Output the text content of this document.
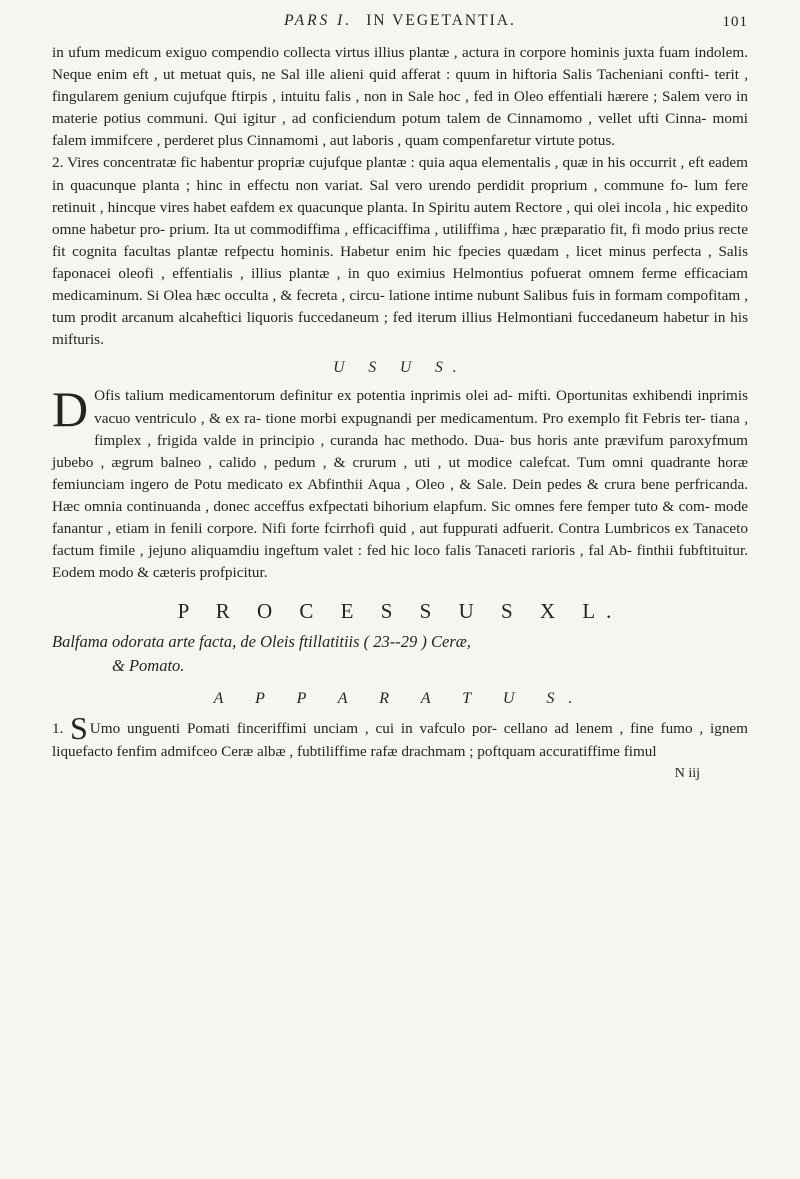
PARS I. IN VEGETANTIA.	101

in ufum medicum exiguo compendio collecta virtus illius plantæ , actura in corpore hominis juxta fuam indolem. Neque enim eft , ut metuat quis, ne Sal ille alieni quid afferat : quum in hiftoria Salis Tacheniani confti- terit , fingularem genium cujufque ftirpis , intuitu falis , non in Sale hoc , fed in Oleo effentiali hærere ; Salem vero in materie potius communi. Qui igitur , ad conficiendum potum talem de Cinnamomo , vellet ufti Cinna- momi falem immifcere , perderet plus Cinnamomi , aut laboris , quam compenfaretur virtute potus.

2. Vires concentratæ fic habentur propriæ cujufque plantæ : quia aqua elementalis , quæ in his occurrit , eft eadem in quacunque planta ; hinc in effectu non variat. Sal vero urendo perdidit proprium , commune fo- lum fere retinuit , hincque vires habet eafdem ex quacunque planta. In Spiritu autem Rectore , qui olei incola , hic expedito omne habetur pro- prium. Ita ut commodiffima , efficaciffima , utiliffima , hæc præparatio fit, fi modo prius recte fit cognita facultas plantæ refpectu hominis. Habetur enim hic fpecies quædam , licet minus perfecta , Salis faponacei oleofi , effentialis , illius plantæ , in quo eximius Helmontius pofuerat omnem ferme efficaciam medicaminum. Si Olea hæc occulta , & fecreta , circu- latione intime nubunt Salibus fuis in formam compofitam , tum prodit arcanum alcaheftici liquoris fuccedaneum ; fed iterum illius Helmontiani fuccedaneum habetur in his mifturis.

U S U S.

D Ofis talium medicamentorum definitur ex potentia inprimis olei ad- mifti. Oportunitas exhibendi inprimis vacuo ventriculo , & ex ra- tione morbi expugnandi per medicamentum. Pro exemplo fit Febris ter- tiana , fimplex , frigida valde in principio , curanda hac methodo. Dua- bus horis ante prævifum paroxyfmum jubebo , ægrum balneo , calido , pedum , & crurum , uti , ut modice calefcat. Tum omni quadrante horæ femiunciam ingero de Potu medicato ex Abfinthii Aqua , Oleo , & Sale. Dein pedes & crura bene perfricanda. Hæc omnia continuanda , donec acceffus exfpectati bihorium elapfum. Sic omnes fere femper tuto & com- mode fanantur , etiam in fenili corpore. Nifi forte fcirrhofi quid , aut fuppurati adfuerit. Contra Lumbricos ex Tanaceto factum fimile , jejuno aliquamdiu ingeftum valet : fed hic loco falis Tanaceti rarioris , fal Ab- finthii fubftituitur. Eodem modo & cæteris profpicitur.

P R O C E S S U S X L.

Balfama odorata arte facta, de Oleis ftillatitiis ( 23--29 ) Ceræ,

& Pomato.

A P P A R A T U S.

1. S Umo unguenti Pomati finceriffimi unciam , cui in vafculo por- cellano ad lenem , fine fumo , ignem liquefacto fenfim admifceo Ceræ albæ , fubtiliffime rafæ drachmam ; poftquam accuratiffime fimul

N iij
